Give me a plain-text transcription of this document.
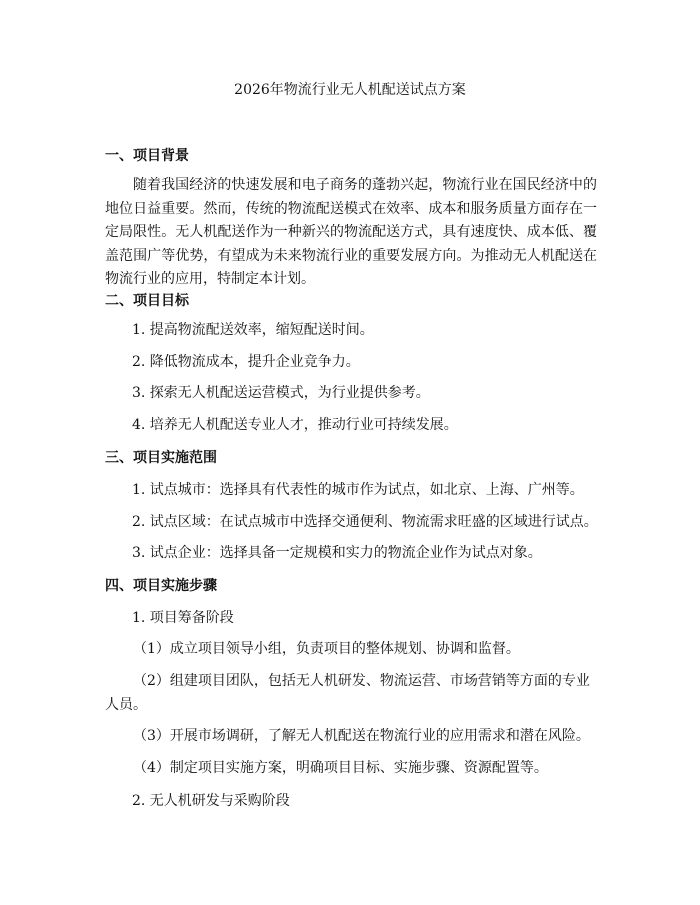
2026年物流行业无人机配送试点方案
一、项目背景

随着我国经济的快速发展和电子商务的蓬勃兴起，物流行业在国民经济中的地位日益重要。然而，传统的物流配送模式在效率、成本和服务质量方面存在一定局限性。无人机配送作为一种新兴的物流配送方式，具有速度快、成本低、覆盖范围广等优势，有望成为未来物流行业的重要发展方向。为推动无人机配送在物流行业的应用，特制定本计划。

二、项目目标

1. 提高物流配送效率，缩短配送时间。

2. 降低物流成本，提升企业竞争力。

3. 探索无人机配送运营模式，为行业提供参考。

4. 培养无人机配送专业人才，推动行业可持续发展。

三、项目实施范围

1. 试点城市：选择具有代表性的城市作为试点，如北京、上海、广州等。

2. 试点区域：在试点城市中选择交通便利、物流需求旺盛的区域进行试点。

3. 试点企业：选择具备一定规模和实力的物流企业作为试点对象。

四、项目实施步骤

1. 项目筹备阶段

（1）成立项目领导小组，负责项目的整体规划、协调和监督。

（2）组建项目团队，包括无人机研发、物流运营、市场营销等方面的专业人员。

（3）开展市场调研，了解无人机配送在物流行业的应用需求和潜在风险。

（4）制定项目实施方案，明确项目目标、实施步骤、资源配置等。

2. 无人机研发与采购阶段
